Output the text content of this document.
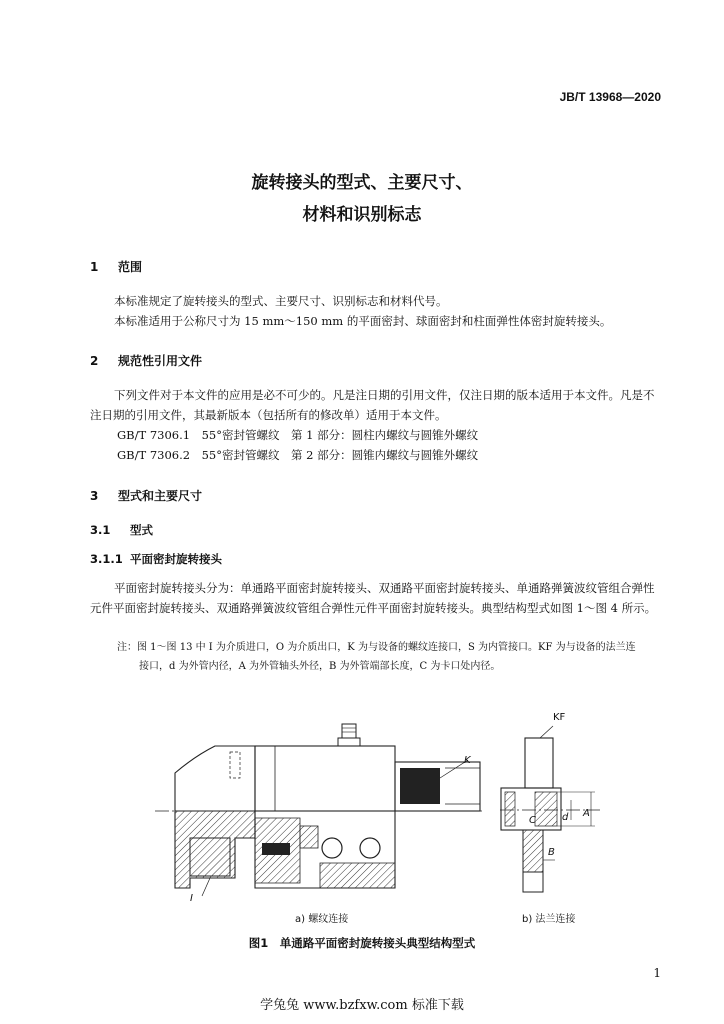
JB/T 13968—2020
旋转接头的型式、主要尺寸、
材料和识别标志
1 范围
本标准规定了旋转接头的型式、主要尺寸、识别标志和材料代号。
本标准适用于公称尺寸为 15 mm～150 mm 的平面密封、球面密封和柱面弹性体密封旋转接头。
2 规范性引用文件
下列文件对于本文件的应用是必不可少的。凡是注日期的引用文件，仅注日期的版本适用于本文件。凡是不注日期的引用文件，其最新版本（包括所有的修改单）适用于本文件。
GB/T 7306.1　55°密封管螺纹　第 1 部分：圆柱内螺纹与圆锥外螺纹
GB/T 7306.2　55°密封管螺纹　第 2 部分：圆锥内螺纹与圆锥外螺纹
3 型式和主要尺寸
3.1 型式
3.1.1 平面密封旋转接头
平面密封旋转接头分为：单通路平面密封旋转接头、双通路平面密封旋转接头、单通路弹簧波纹管组合弹性元件平面密封旋转接头、双通路弹簧波纹管组合弹性元件平面密封旋转接头。典型结构型式如图 1～图 4 所示。
注：图 1～图 13 中 I 为介质进口，O 为介质出口，K 为与设备的螺纹连接口，S 为内管接口。KF 为与设备的法兰连
接口，d 为外管内径，A 为外管轴头外径，B 为外管端部长度，C 为卡口处内径。
K
I
KF
A
d
C
B
a) 螺纹连接	b) 法兰连接
图1　单通路平面密封旋转接头典型结构型式
1
学兔兔 www.bzfxw.com 标准下载
